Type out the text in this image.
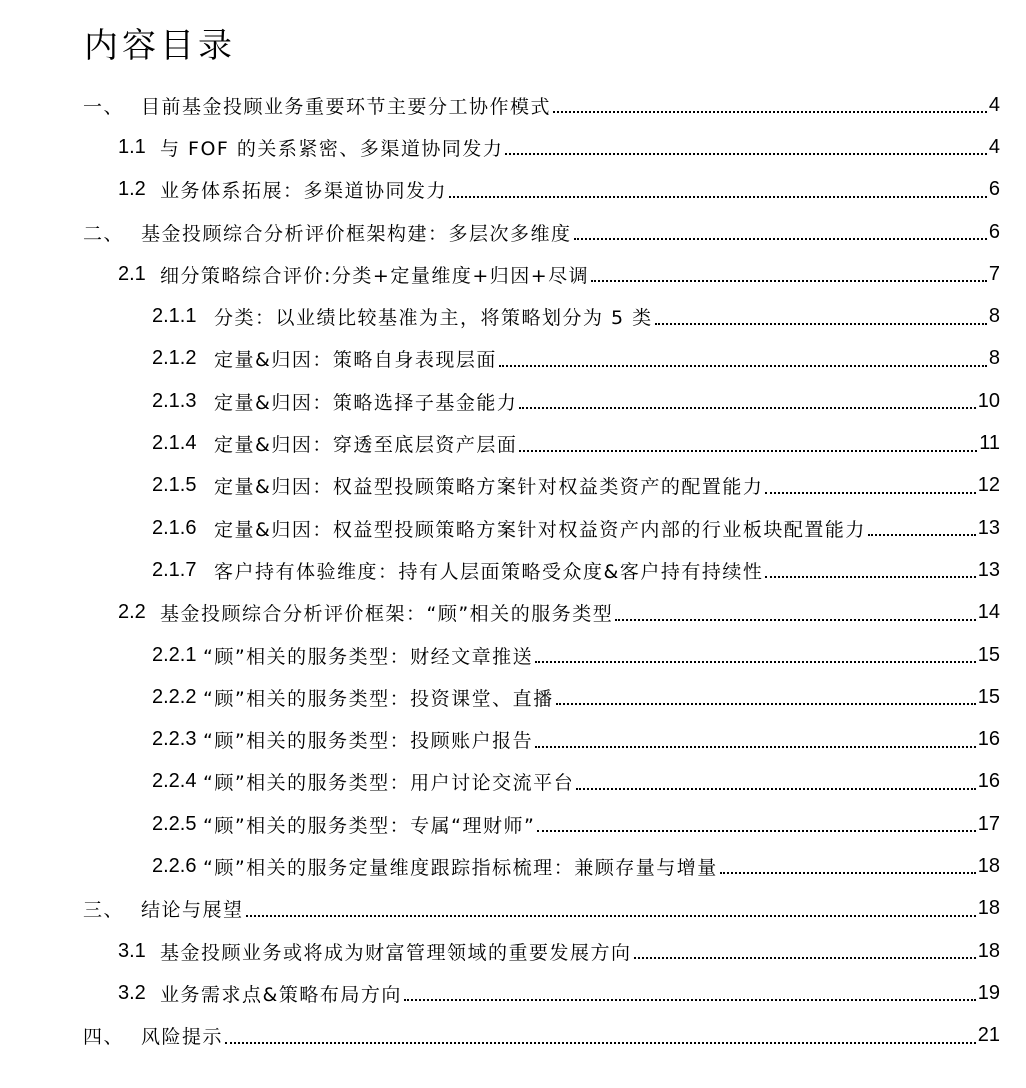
内容目录
一、 目前基金投顾业务重要环节主要分工协作模式	4
1.1 与 FOF 的关系紧密、多渠道协同发力	4
1.2 业务体系拓展：多渠道协同发力	6
二、 基金投顾综合分析评价框架构建：多层次多维度	6
2.1 细分策略综合评价:分类+定量维度+归因+尽调	7
2.1.1 分类：以业绩比较基准为主，将策略划分为 5 类	8
2.1.2 定量&归因：策略自身表现层面	8
2.1.3 定量&归因：策略选择子基金能力	10
2.1.4 定量&归因：穿透至底层资产层面	11
2.1.5 定量&归因：权益型投顾策略方案针对权益类资产的配置能力	12
2.1.6 定量&归因：权益型投顾策略方案针对权益资产内部的行业板块配置能力	13
2.1.7 客户持有体验维度：持有人层面策略受众度&客户持有持续性	13
2.2 基金投顾综合分析评价框架：“顾”相关的服务类型	14
2.2.1 “顾”相关的服务类型：财经文章推送	15
2.2.2 “顾”相关的服务类型：投资课堂、直播	15
2.2.3 “顾”相关的服务类型：投顾账户报告	16
2.2.4 “顾”相关的服务类型：用户讨论交流平台	16
2.2.5 “顾”相关的服务类型：专属“理财师”	17
2.2.6 “顾”相关的服务定量维度跟踪指标梳理：兼顾存量与增量	18
三、 结论与展望	18
3.1 基金投顾业务或将成为财富管理领域的重要发展方向	18
3.2 业务需求点&策略布局方向	19
四、 风险提示	21
